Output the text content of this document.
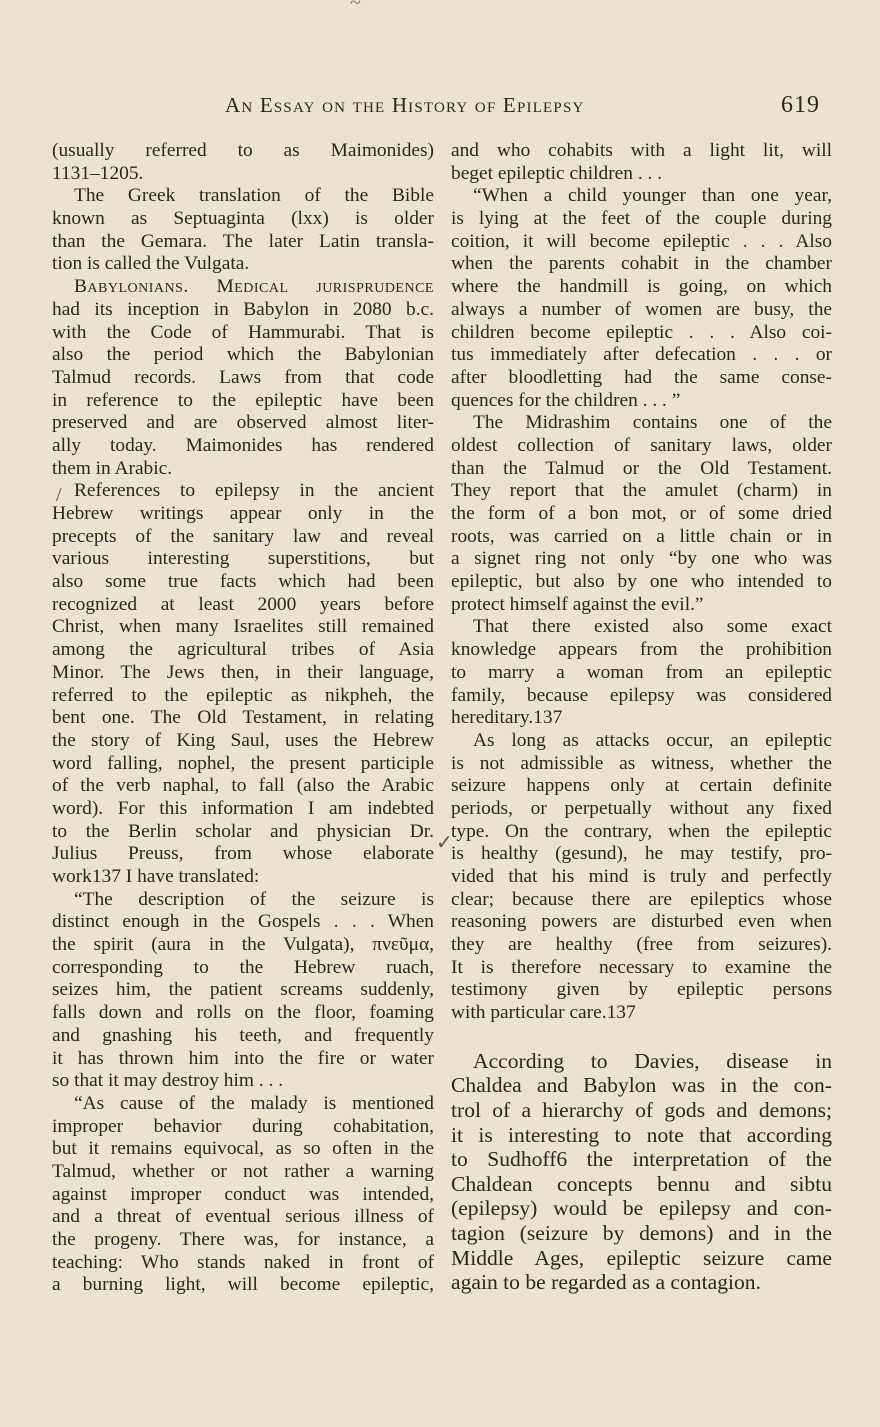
~
An Essay on the History of Epilepsy	619
/
✓
(usually referred to as Maimonides)
1131–1205.
The Greek translation of the Bible
known as Septuaginta (lxx) is older
than the Gemara. The later Latin transla-
tion is called the Vulgata.
Babylonians. Medical jurisprudence
had its inception in Babylon in 2080 b.c.
with the Code of Hammurabi. That is
also the period which the Babylonian
Talmud records. Laws from that code
in reference to the epileptic have been
preserved and are observed almost liter-
ally today. Maimonides has rendered
them in Arabic.
References to epilepsy in the ancient
Hebrew writings appear only in the
precepts of the sanitary law and reveal
various interesting superstitions, but
also some true facts which had been
recognized at least 2000 years before
Christ, when many Israelites still remained
among the agricultural tribes of Asia
Minor. The Jews then, in their language,
referred to the epileptic as nikpheh, the
bent one. The Old Testament, in relating
the story of King Saul, uses the Hebrew
word falling, nophel, the present participle
of the verb naphal, to fall (also the Arabic
word). For this information I am indebted
to the Berlin scholar and physician Dr.
Julius Preuss, from whose elaborate
work137 I have translated:
“The description of the seizure is
distinct enough in the Gospels . . . When
the spirit (aura in the Vulgata), πνεῦμα,
corresponding to the Hebrew ruach,
seizes him, the patient screams suddenly,
falls down and rolls on the floor, foaming
and gnashing his teeth, and frequently
it has thrown him into the fire or water
so that it may destroy him . . .
“As cause of the malady is mentioned
improper behavior during cohabitation,
but it remains equivocal, as so often in the
Talmud, whether or not rather a warning
against improper conduct was intended,
and a threat of eventual serious illness of
the progeny. There was, for instance, a
teaching: Who stands naked in front of
a burning light, will become epileptic,
and who cohabits with a light lit, will
beget epileptic children . . .
“When a child younger than one year,
is lying at the feet of the couple during
coition, it will become epileptic . . . Also
when the parents cohabit in the chamber
where the handmill is going, on which
always a number of women are busy, the
children become epileptic . . . Also coi-
tus immediately after defecation . . . or
after bloodletting had the same conse-
quences for the children . . . ”
The Midrashim contains one of the
oldest collection of sanitary laws, older
than the Talmud or the Old Testament.
They report that the amulet (charm) in
the form of a bon mot, or of some dried
roots, was carried on a little chain or in
a signet ring not only “by one who was
epileptic, but also by one who intended to
protect himself against the evil.”
That there existed also some exact
knowledge appears from the prohibition
to marry a woman from an epileptic
family, because epilepsy was considered
hereditary.137
As long as attacks occur, an epileptic
is not admissible as witness, whether the
seizure happens only at certain definite
periods, or perpetually without any fixed
type. On the contrary, when the epileptic
is healthy (gesund), he may testify, pro-
vided that his mind is truly and perfectly
clear; because there are epileptics whose
reasoning powers are disturbed even when
they are healthy (free from seizures).
It is therefore necessary to examine the
testimony given by epileptic persons
with particular care.137
According to Davies, disease in
Chaldea and Babylon was in the con-
trol of a hierarchy of gods and demons;
it is interesting to note that according
to Sudhoff6 the interpretation of the
Chaldean concepts bennu and sibtu
(epilepsy) would be epilepsy and con-
tagion (seizure by demons) and in the
Middle Ages, epileptic seizure came
again to be regarded as a contagion.
